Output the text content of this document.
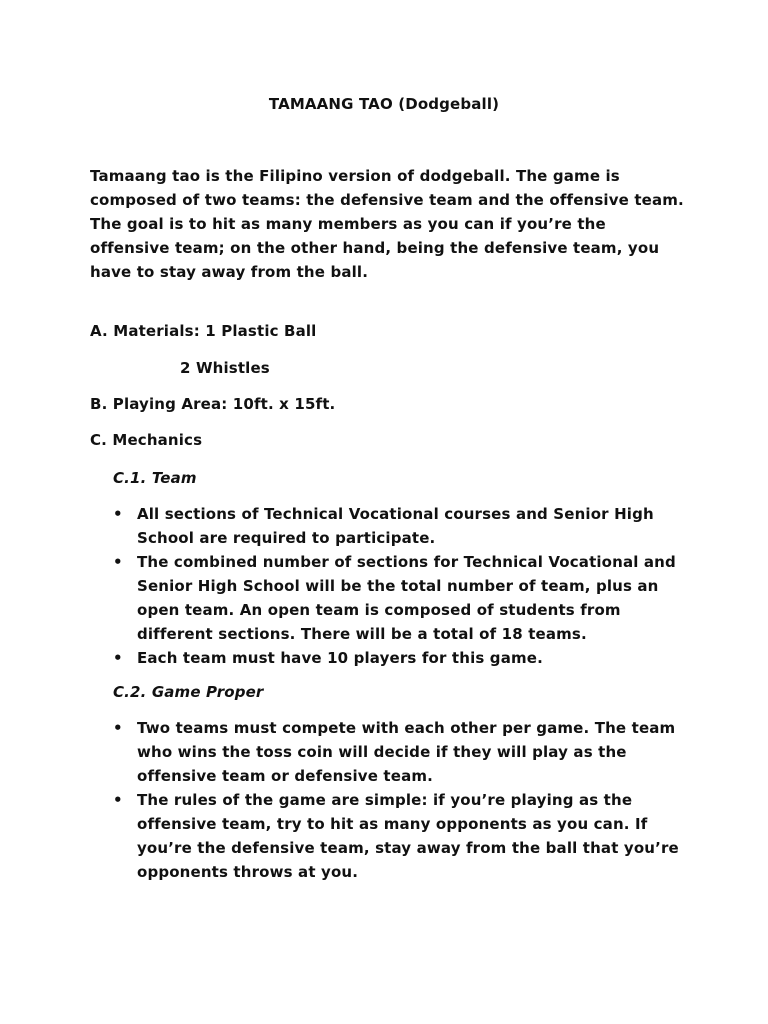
TAMAANG TAO (Dodgeball)

Tamaang tao is the Filipino version of dodgeball. The game is composed of two teams: the defensive team and the offensive team. The goal is to hit as many members as you can if you’re the offensive team; on the other hand, being the defensive team, you have to stay away from the ball.

A. Materials: 1 Plastic Ball
2 Whistles
B. Playing Area: 10ft. x 15ft.
C. Mechanics
C.1. Team
• All sections of Technical Vocational courses and Senior High School are required to participate.
• The combined number of sections for Technical Vocational and Senior High School will be the total number of team, plus an open team. An open team is composed of students from different sections. There will be a total of 18 teams.
• Each team must have 10 players for this game.
C.2. Game Proper
• Two teams must compete with each other per game. The team who wins the toss coin will decide if they will play as the offensive team or defensive team.
• The rules of the game are simple: if you’re playing as the offensive team, try to hit as many opponents as you can. If you’re the defensive team, stay away from the ball that you’re opponents throws at you.
